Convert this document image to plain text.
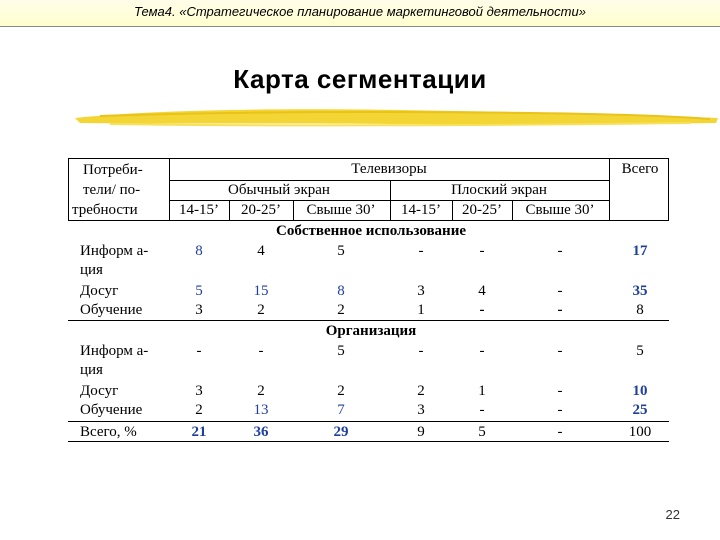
Тема4. «Стратегическое планирование маркетинговой деятельности»
Карта сегментации
Потреби-
тели/ по-
требности
Телевизоры	Всего
Обычный экран	Плоский экран
14-15’ 20-25’ Свыше 30’ 14-15’ 20-25’ Свыше 30’
Собственное использование
Информ а-
ция
8	4	5	-	-	-	17
Досуг	5	15	8	3	4	-	35
Обучение	3	2	2	1	-	-	8
Организация
Информ а-
ция
-	-	5	-	-	-	5
Досуг	3	2	2	2	1	-	10
Обучение	2	13	7	3	-	-	25
Всего, %	21	36	29	9	5	-	100
22
